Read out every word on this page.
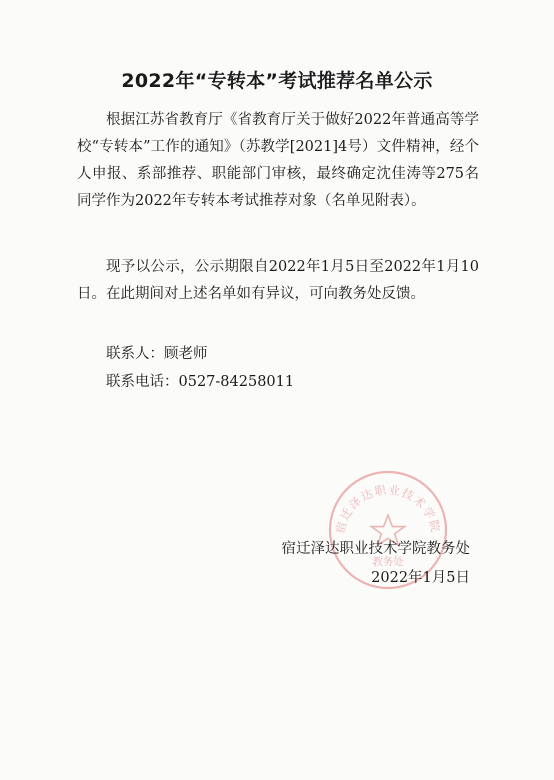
2022年“专转本”考试推荐名单公示

根据江苏省教育厅《省教育厅关于做好2022年普通高等学校“专转本”工作的通知》（苏教学[2021]4号）文件精神，经个人申报、系部推荐、职能部门审核，最终确定沈佳涛等275名同学作为2022年专转本考试推荐对象（名单见附表）。

现予以公示，公示期限自2022年1月5日至2022年1月10日。在此期间对上述名单如有异议，可向教务处反馈。

联系人：顾老师
联系电话：0527-84258011
宿迁泽达职业技术学院
教务处
宿迁泽达职业技术学院教务处
2022年1月5日
